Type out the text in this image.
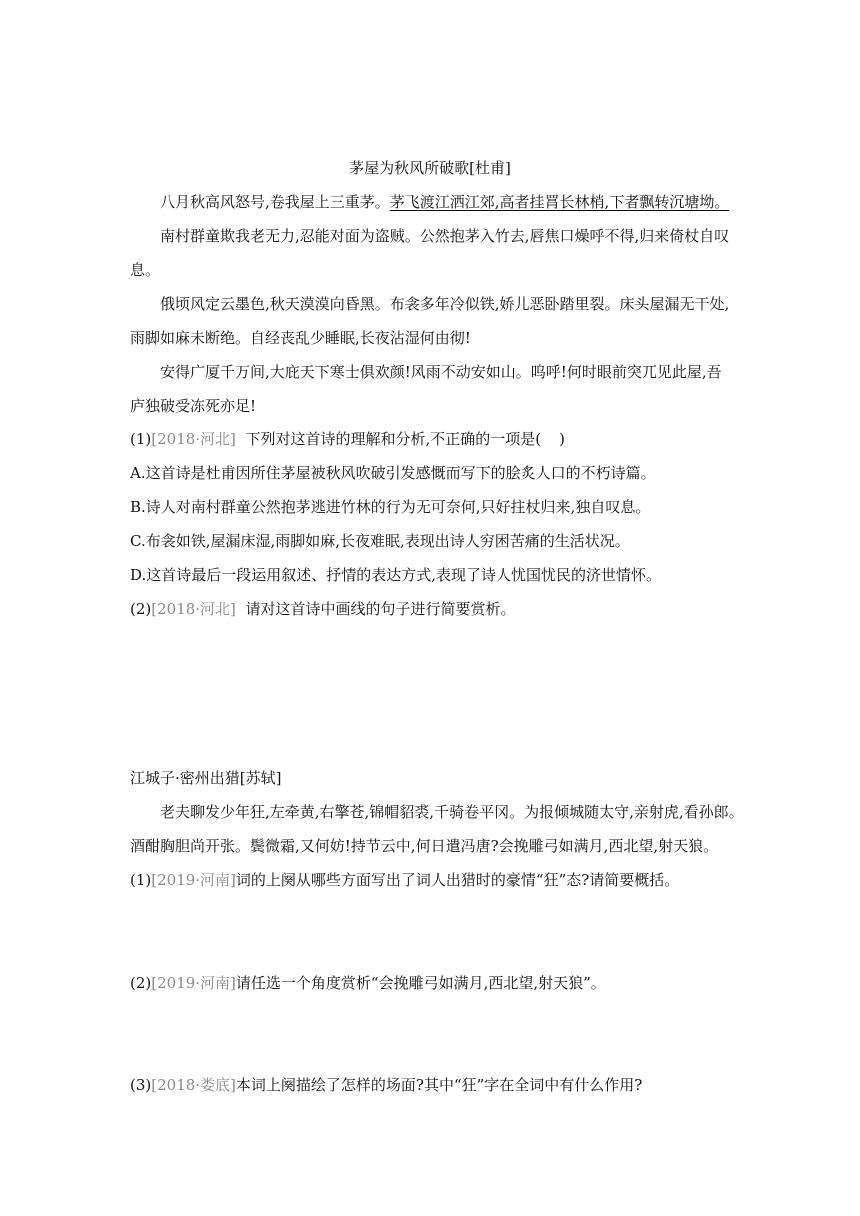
茅屋为秋风所破歌[杜甫]
八月秋高风怒号,卷我屋上三重茅。茅飞渡江洒江郊,高者挂罥长林梢,下者飘转沉塘坳。
南村群童欺我老无力,忍能对面为盗贼。公然抱茅入竹去,唇焦口燥呼不得,归来倚杖自叹
息。
俄顷风定云墨色,秋天漠漠向昏黑。布衾多年冷似铁,娇儿恶卧踏里裂。床头屋漏无干处,
雨脚如麻未断绝。自经丧乱少睡眠,长夜沾湿何由彻!
安得广厦千万间,大庇天下寒士俱欢颜!风雨不动安如山。呜呼!何时眼前突兀见此屋,吾
庐独破受冻死亦足!
(1)[2018·河北] 下列对这首诗的理解和分析,不正确的一项是( )
A.这首诗是杜甫因所住茅屋被秋风吹破引发感慨而写下的脍炙人口的不朽诗篇。
B.诗人对南村群童公然抱茅逃进竹林的行为无可奈何,只好拄杖归来,独自叹息。
C.布衾如铁,屋漏床湿,雨脚如麻,长夜难眠,表现出诗人穷困苦痛的生活状况。
D.这首诗最后一段运用叙述、抒情的表达方式,表现了诗人忧国忧民的济世情怀。
(2)[2018·河北] 请对这首诗中画线的句子进行简要赏析。
江城子·密州出猎[苏轼]
老夫聊发少年狂,左牵黄,右擎苍,锦帽貂裘,千骑卷平冈。为报倾城随太守,亲射虎,看孙郎。
酒酣胸胆尚开张。鬓微霜,又何妨!持节云中,何日遣冯唐?会挽雕弓如满月,西北望,射天狼。
(1)[2019·河南]词的上阕从哪些方面写出了词人出猎时的豪情“狂”态?请简要概括。
(2)[2019·河南]请任选一个角度赏析“会挽雕弓如满月,西北望,射天狼”。
(3)[2018·娄底]本词上阕描绘了怎样的场面?其中“狂”字在全词中有什么作用?
